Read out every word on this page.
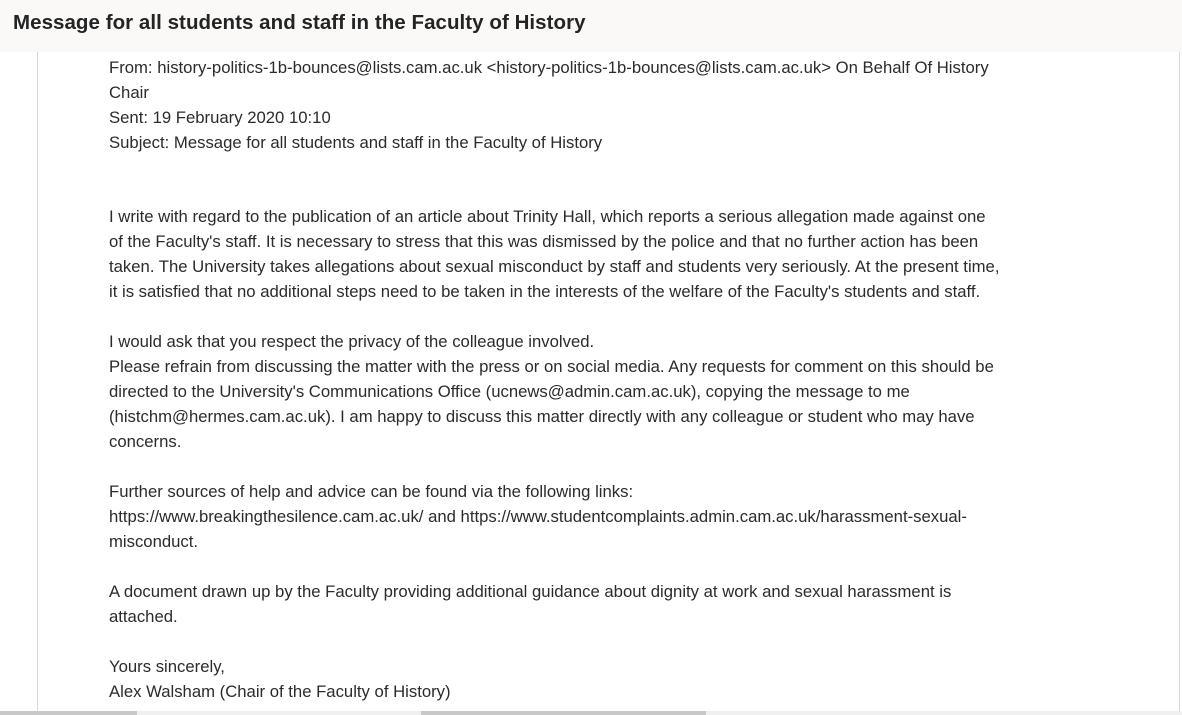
Message for all students and staff in the Faculty of History
From: history-politics-1b-bounces@lists.cam.ac.uk <history-politics-1b-bounces@lists.cam.ac.uk> On Behalf Of History
Chair
Sent: 19 February 2020 10:10
Subject: Message for all students and staff in the Faculty of History
I write with regard to the publication of an article about Trinity Hall, which reports a serious allegation made against one
of the Faculty's staff. It is necessary to stress that this was dismissed by the police and that no further action has been
taken. The University takes allegations about sexual misconduct by staff and students very seriously. At the present time,
it is satisfied that no additional steps need to be taken in the interests of the welfare of the Faculty's students and staff.
I would ask that you respect the privacy of the colleague involved.
Please refrain from discussing the matter with the press or on social media. Any requests for comment on this should be
directed to the University's Communications Office (ucnews@admin.cam.ac.uk), copying the message to me
(histchm@hermes.cam.ac.uk). I am happy to discuss this matter directly with any colleague or student who may have
concerns.
Further sources of help and advice can be found via the following links:
https://www.breakingthesilence.cam.ac.uk/ and https://www.studentcomplaints.admin.cam.ac.uk/harassment-sexual-
misconduct.
A document drawn up by the Faculty providing additional guidance about dignity at work and sexual harassment is
attached.
Yours sincerely,
Alex Walsham (Chair of the Faculty of History)
